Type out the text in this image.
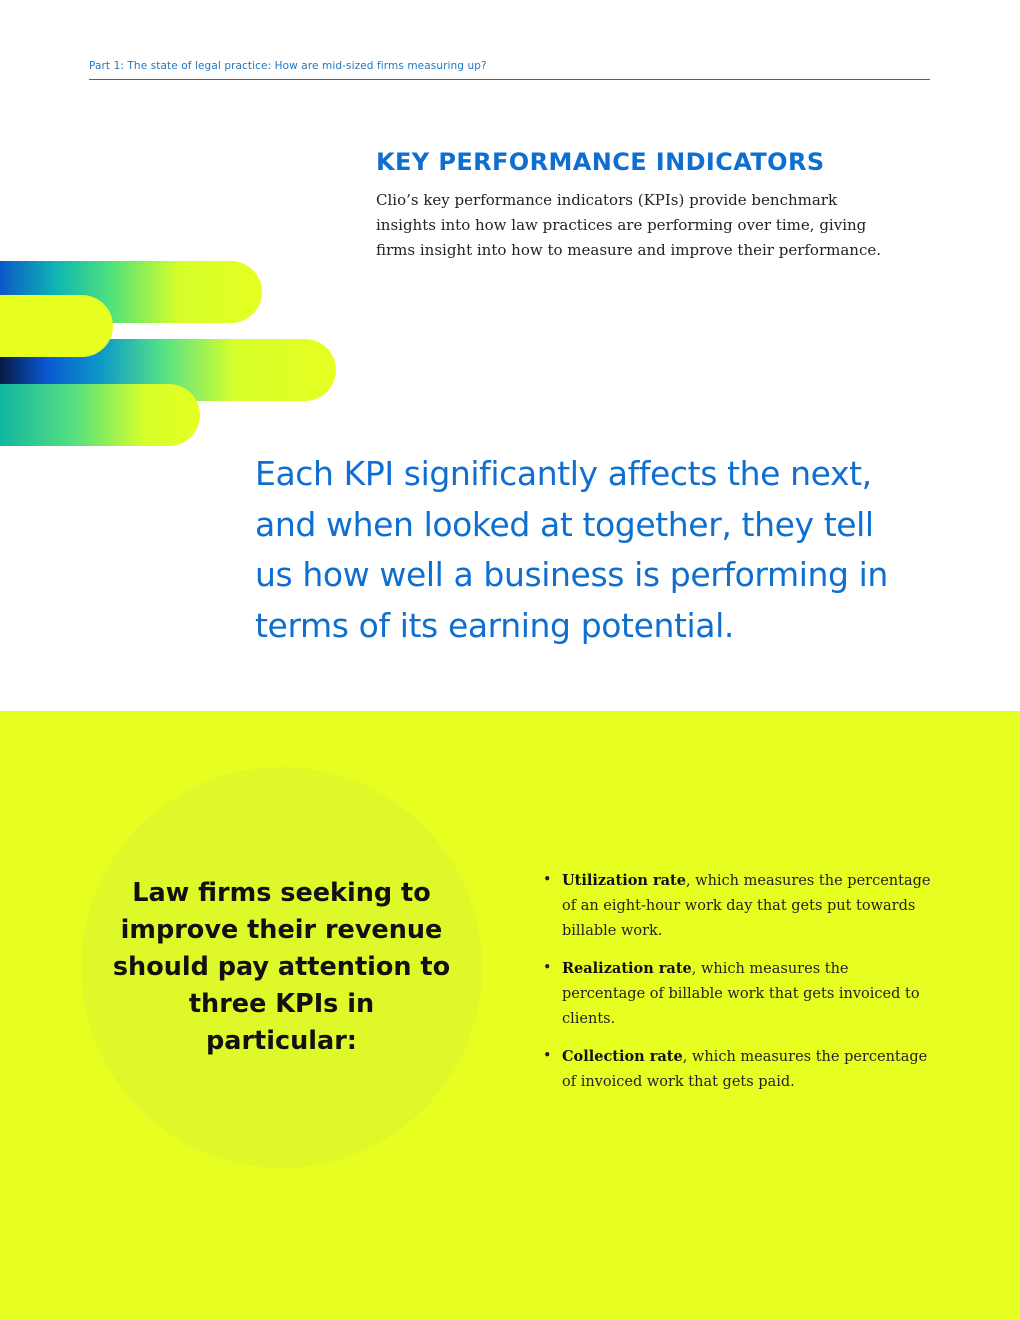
Part 1: The state of legal practice: How are mid-sized firms measuring up?
KEY PERFORMANCE INDICATORS

Clio’s key performance indicators (KPIs) provide benchmark insights into how law practices are performing over time, giving firms insight into how to measure and improve their performance.

Each KPI significantly affects the next, and when looked at together, they tell us how well a business is performing in terms of its earning potential.

Law firms seeking to improve their revenue should pay attention to three KPIs in particular:

• Utilization rate, which measures the percentage of an eight-hour work day that gets put towards billable work.
• Realization rate, which measures the percentage of billable work that gets invoiced to clients.
• Collection rate, which measures the percentage of invoiced work that gets paid.
